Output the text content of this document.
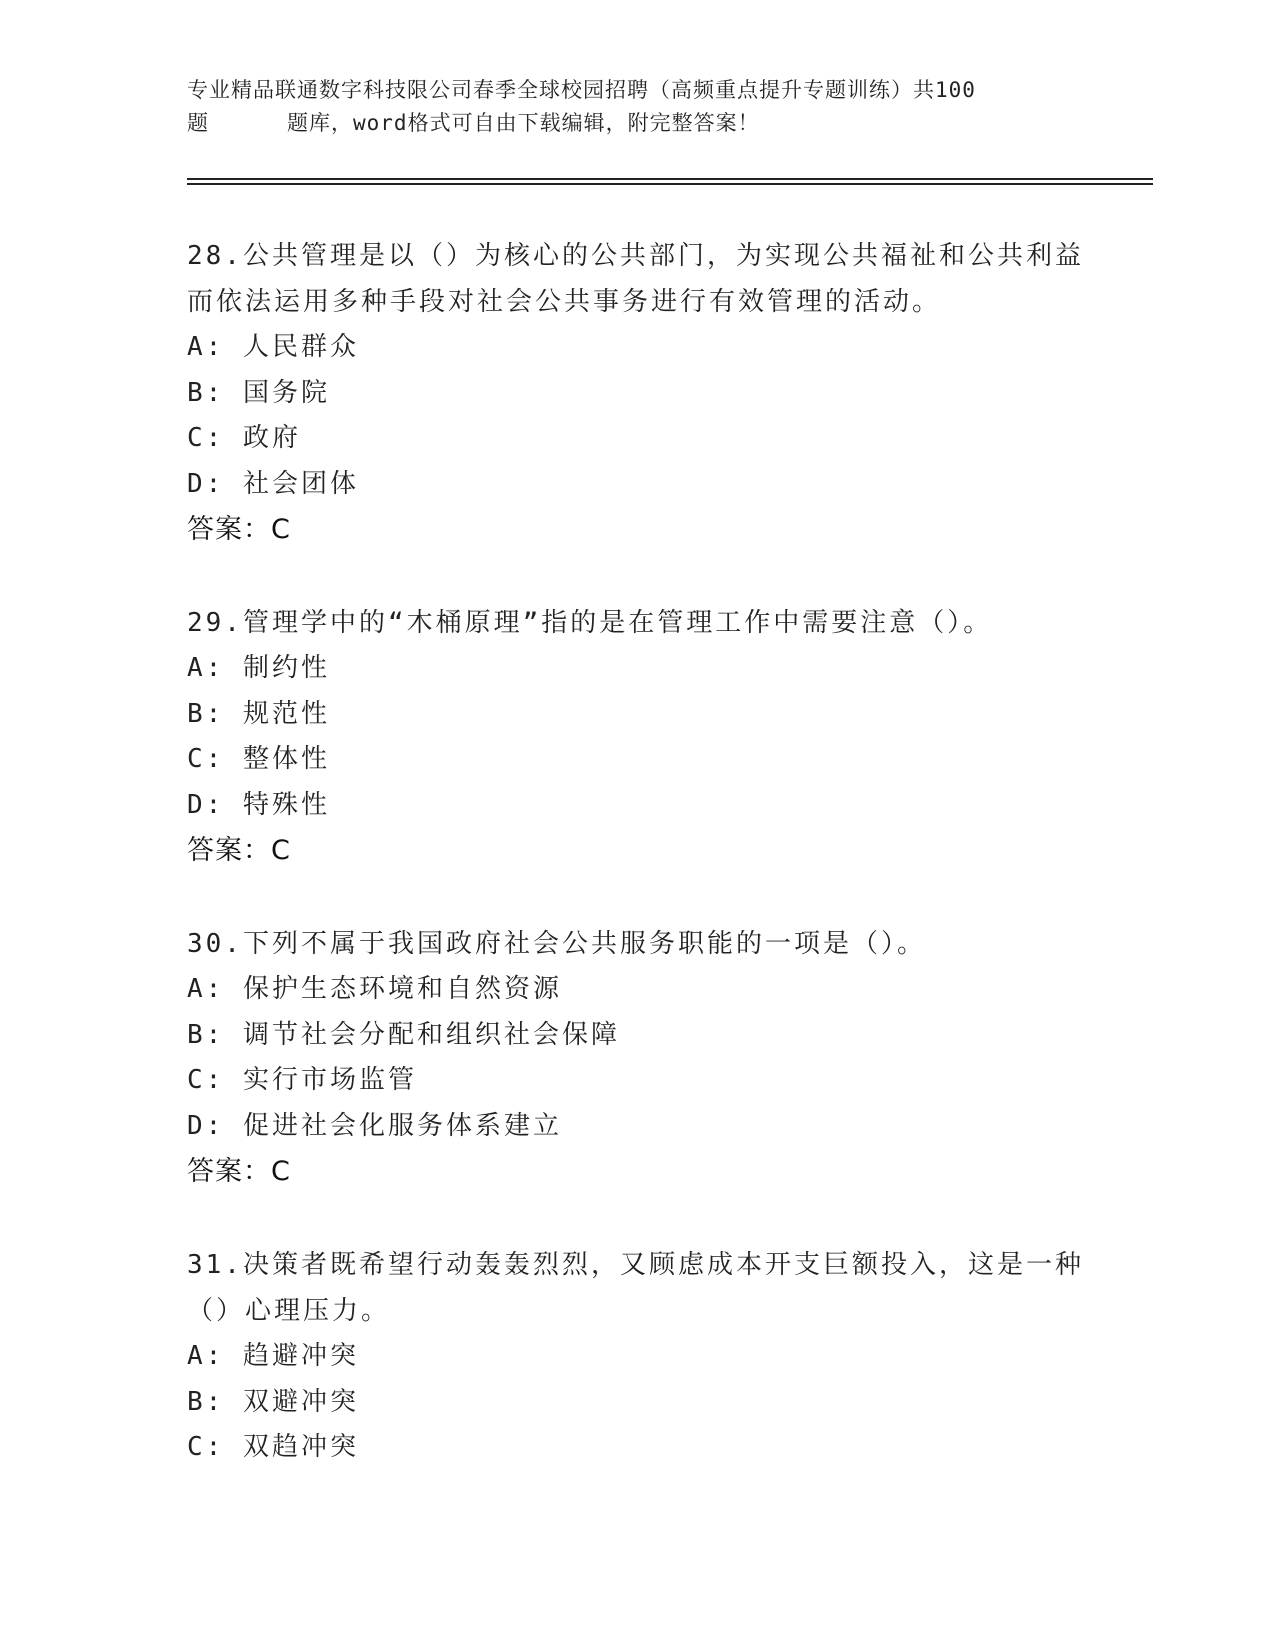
专业精品联通数字科技限公司春季全球校园招聘（高频重点提升专题训练）共100
题	题库，word格式可自由下载编辑，附完整答案！
28.公共管理是以（）为核心的公共部门，为实现公共福祉和公共利益而依法运用多种手段对社会公共事务进行有效管理的活动。
A: 人民群众
B: 国务院
C: 政府
D: 社会团体
答案：C
29.管理学中的“木桶原理”指的是在管理工作中需要注意（）。
A: 制约性
B: 规范性
C: 整体性
D: 特殊性
答案：C
30.下列不属于我国政府社会公共服务职能的一项是（）。
A: 保护生态环境和自然资源
B: 调节社会分配和组织社会保障
C: 实行市场监管
D: 促进社会化服务体系建立
答案：C
31.决策者既希望行动轰轰烈烈，又顾虑成本开支巨额投入，这是一种（）心理压力。
A: 趋避冲突
B: 双避冲突
C: 双趋冲突
